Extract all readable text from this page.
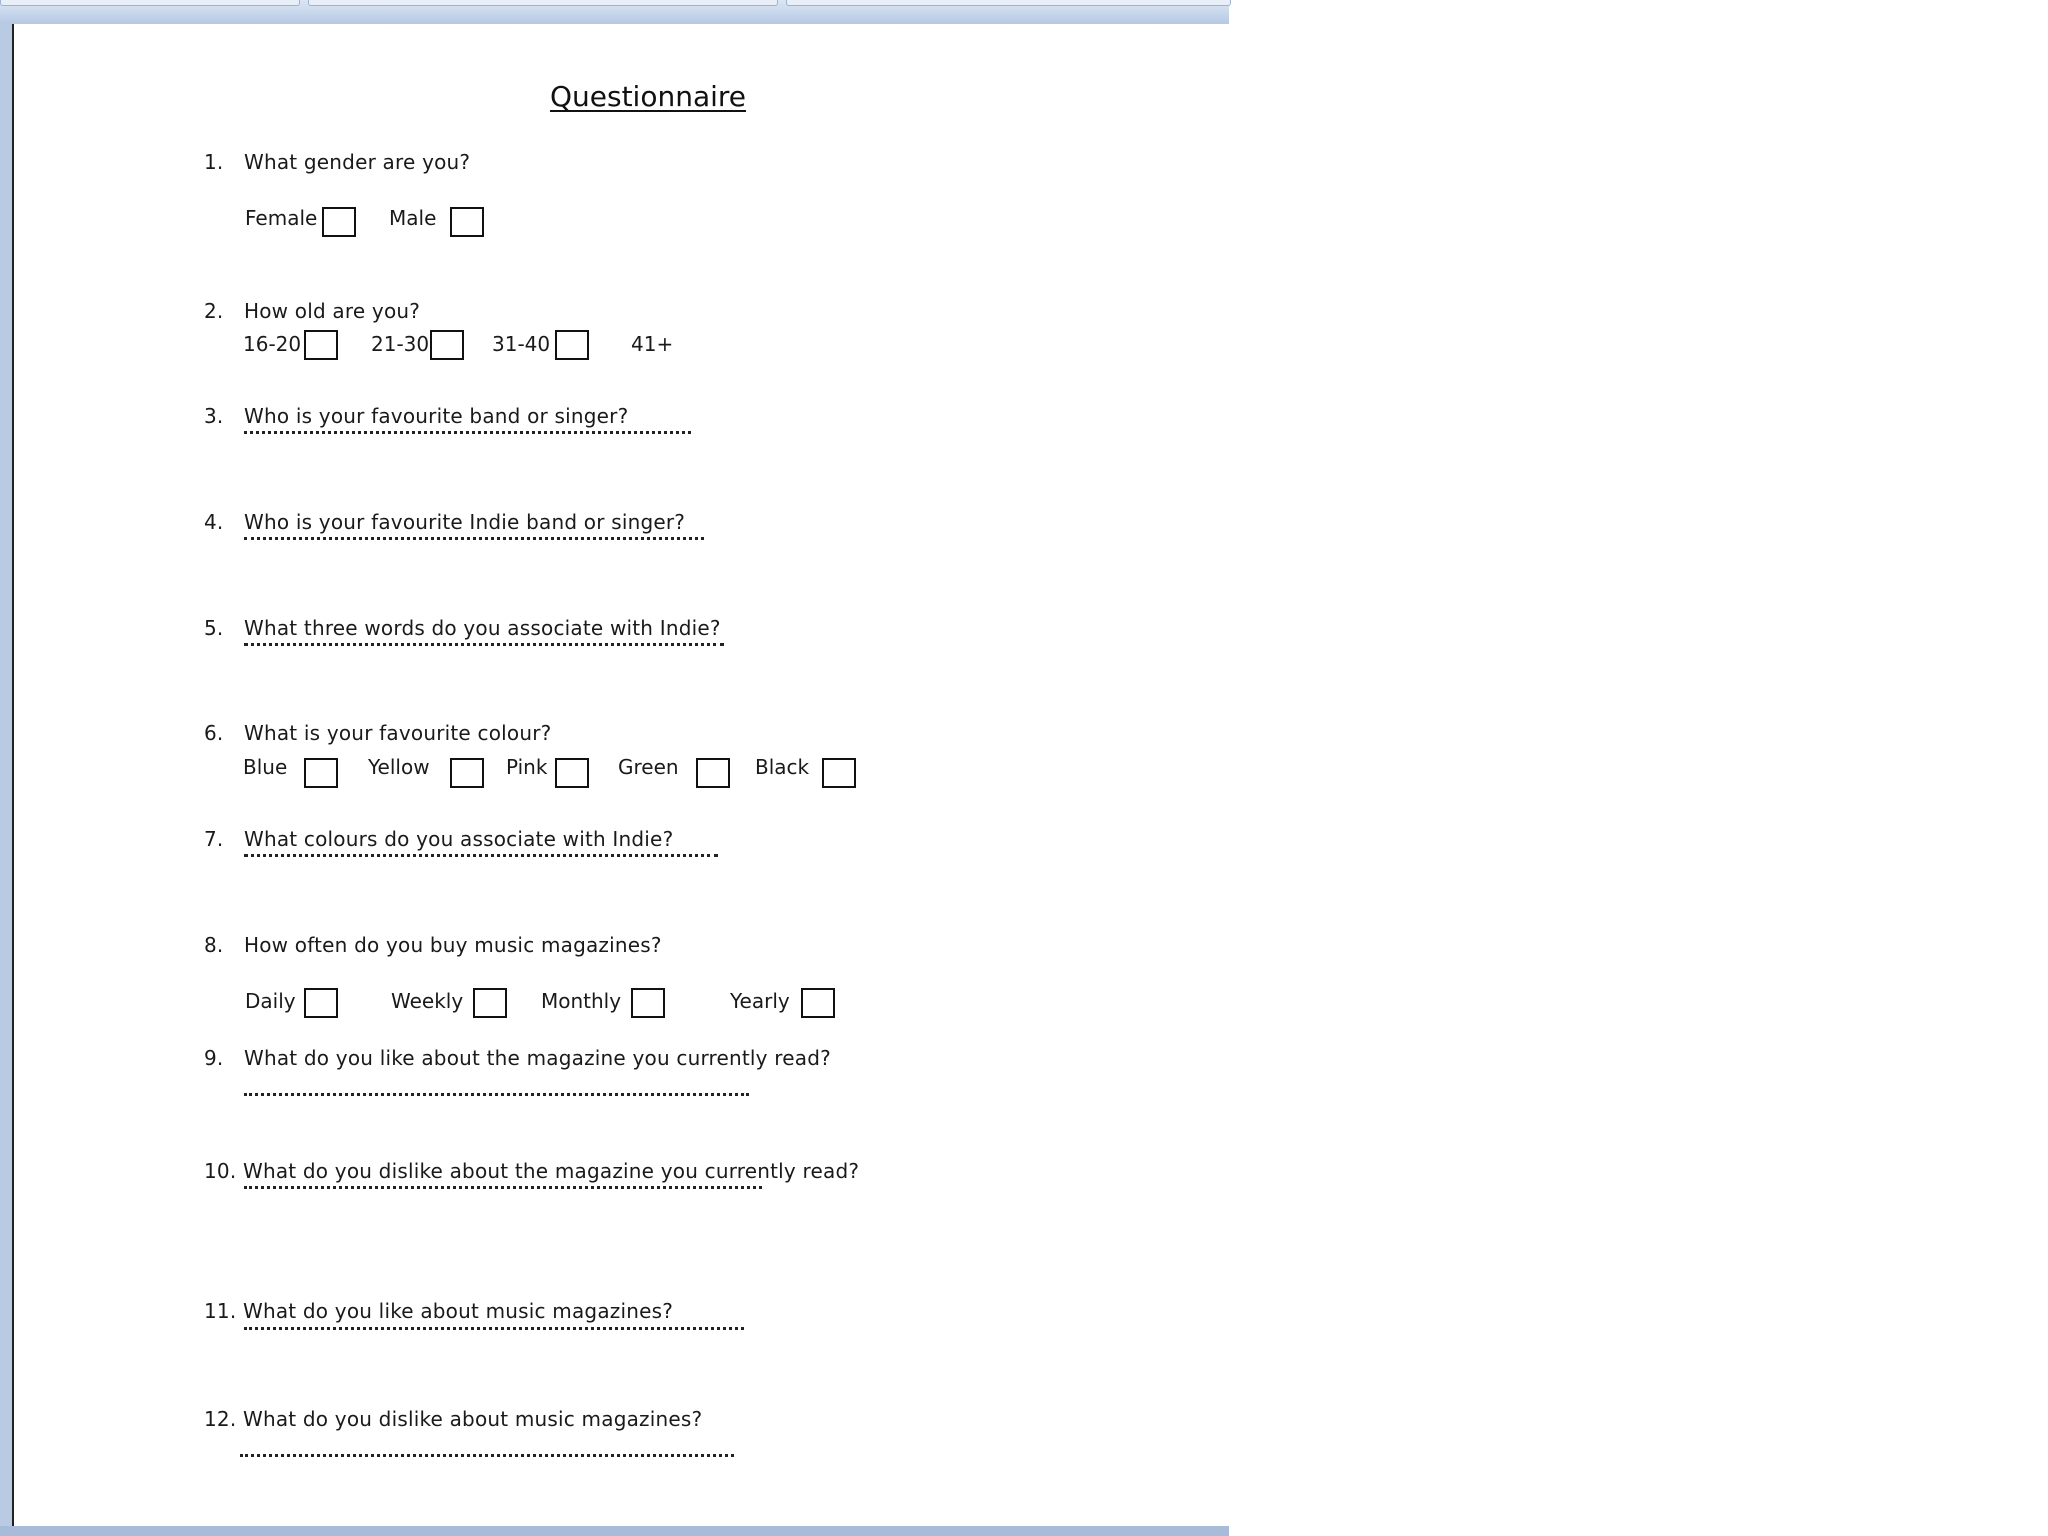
Questionnaire
1. What gender are you?
Female	Male
2. How old are you?
16-20	21-30	31-40	41+
3. Who is your favourite band or singer?
4. Who is your favourite Indie band or singer?
5. What three words do you associate with Indie?
6. What is your favourite colour?
Blue	Yellow	Pink	Green	Black
7. What colours do you associate with Indie?
8. How often do you buy music magazines?
Daily	Weekly	Monthly	Yearly
9. What do you like about the magazine you currently read?
10. What do you dislike about the magazine you currently read?
11. What do you like about music magazines?
12. What do you dislike about music magazines?
